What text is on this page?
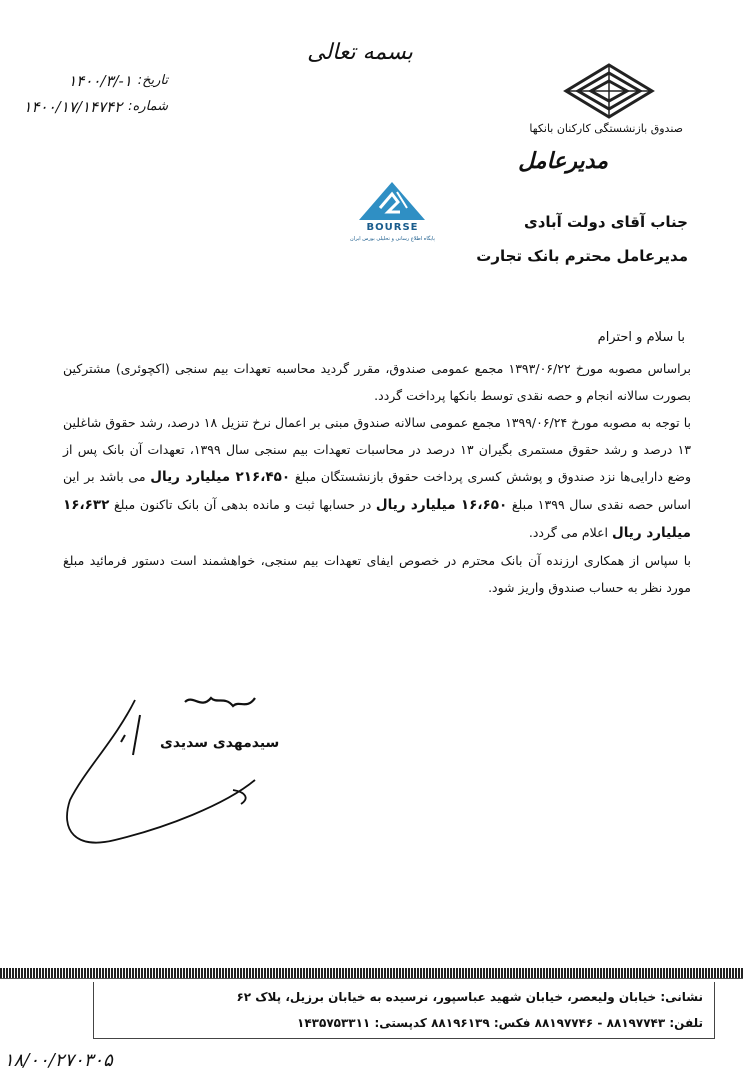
بسمه تعالی
تاریخ:
۱۴۰۰/۳/-۱
شماره:
۱۴۰۰/۱۷/۱۴۷۴۲
صندوق بازنشستگی کارکنان بانکها
مدیرعامل
BOURSE
پایگاه اطلاع رسانی و تحلیلی بورس ایران
جناب آقای دولت آبادی
مدیرعامل محترم بانک تجارت
با سلام و احترام

براساس مصوبه مورخ ۱۳۹۳/۰۶/۲۲ مجمع عمومی صندوق، مقرر گردید محاسبه تعهدات بیم سنجی (اکچوئری) مشترکین بصورت سالانه انجام و حصه نقدی توسط بانکها پرداخت گردد.

با توجه به مصوبه مورخ ۱۳۹۹/۰۶/۲۴ مجمع عمومی سالانه صندوق مبنی بر اعمال نرخ تنزیل ۱۸ درصد، رشد حقوق شاغلین ۱۳ درصد و رشد حقوق مستمری بگیران ۱۳ درصد در محاسبات تعهدات بیم سنجی سال ۱۳۹۹، تعهدات آن بانک پس از وضع دارایی‌ها نزد صندوق و پوشش کسری پرداخت حقوق بازنشستگان مبلغ ۲۱۶،۴۵۰ میلیارد ریال می باشد بر این اساس حصه نقدی سال ۱۳۹۹ مبلغ ۱۶،۶۵۰ میلیارد ریال در حسابها ثبت و مانده بدهی آن بانک تاکنون مبلغ ۱۶،۶۳۲ میلیارد ریال اعلام می گردد.

با سپاس از همکاری ارزنده آن بانک محترم در خصوص ایفای تعهدات بیم سنجی، خواهشمند است دستور فرمائید مبلغ مورد نظر به حساب صندوق واریز شود.

سیدمهدی سدیدی
نشانی: خیابان ولیعصر، خیابان شهید عباسپور، نرسیده به خیابان برزیل، پلاک ۶۲
تلفن: ۸۸۱۹۷۷۴۳ - ۸۸۱۹۷۷۴۶ فکس: ۸۸۱۹۶۱۳۹ کدپستی: ۱۴۳۵۷۵۳۳۱۱
۱۸/۰۰/۲۷۰۳۰۵
